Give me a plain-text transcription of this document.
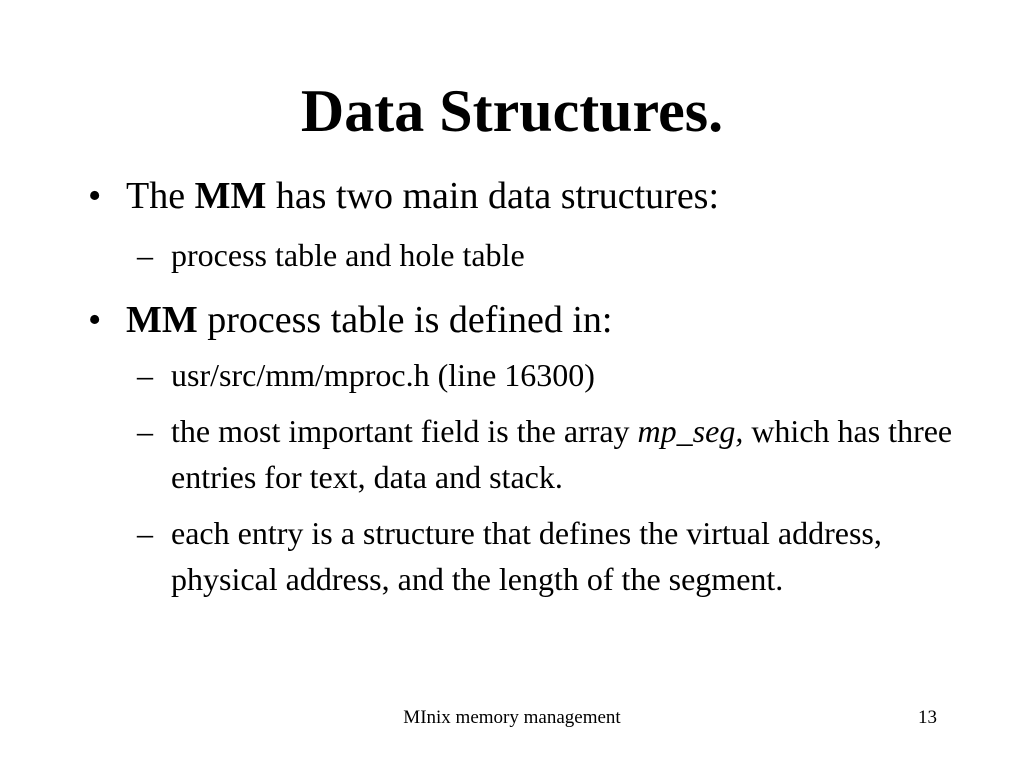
Data Structures.
• The MM has two main data structures:
– process table and hole table
• MM process table is defined in:
– usr/src/mm/mproc.h (line 16300)
– the most important field is the array mp_seg, which has three entries for text, data and stack.
– each entry is a structure that defines the virtual address, physical address, and the length of the segment.
MInix memory management	13
